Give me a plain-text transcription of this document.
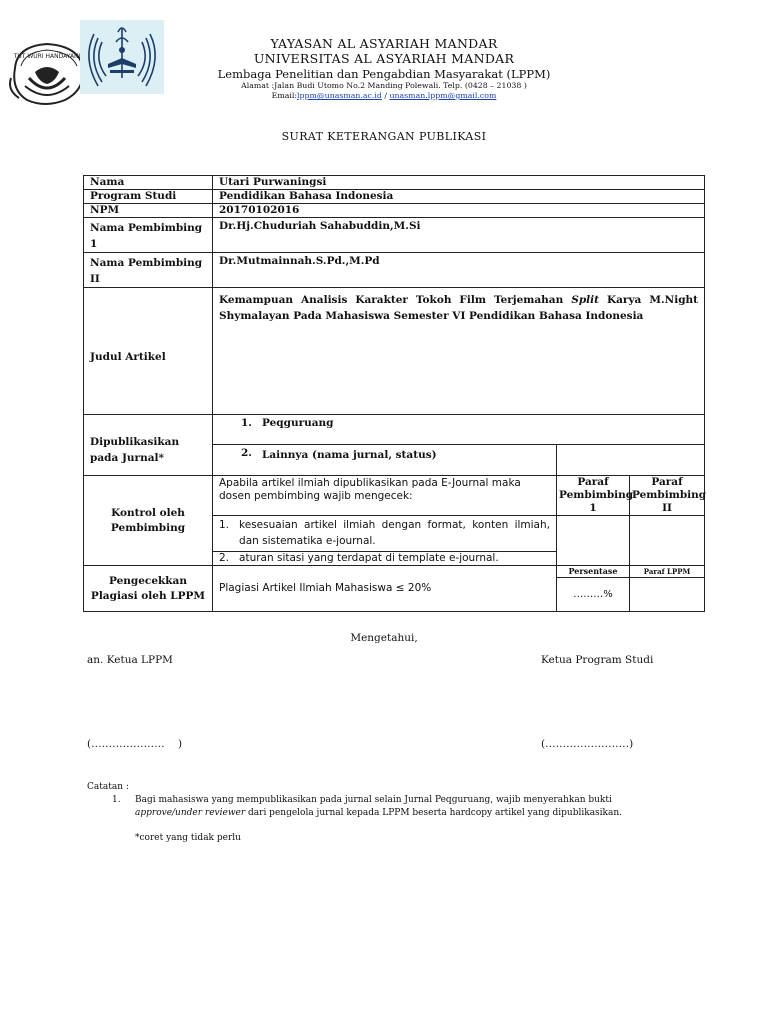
TUT WURI HANDAYANI
YAYASAN AL ASYARIAH MANDAR
UNIVERSITAS AL ASYARIAH MANDAR
Lembaga Penelitian dan Pengabdian Masyarakat (LPPM)
Alamat :Jalan Budi Utomo No.2 Manding Polewali. Telp. (0428 – 21038 )
Email:lppm@unasman.ac.id / unasman.lppm@gmail.com
SURAT KETERANGAN PUBLIKASI
Nama	Utari Purwaningsi		
Program Studi	Pendidikan Bahasa Indonesia		
NPM	20170102016		
Nama Pembimbing 1	Dr.Hj.Chuduriah Sahabuddin,M.Si		
Nama Pembimbing II	Dr.Mutmainnah.S.Pd.,M.Pd		
Judul Artikel	Kemampuan Analisis Karakter Tokoh Film Terjemahan Split Karya M.Night Shymalayan Pada Mahasiswa Semester VI Pendidikan Bahasa Indonesia		
Dipublikasikan pada Jurnal*	1. Peqguruang		

	2. Lainnya (nama jurnal, status)		

Kontrol oleh Pembimbing	Apabila artikel ilmiah dipublikasikan pada E-Journal maka dosen pembimbing wajib mengecek:	Paraf Pembimbing 1	Paraf Pembimbing II

	1. kesesuaian artikel ilmiah dengan format, konten ilmiah, dan sistematika e-journal.		

	2. aturan sitasi yang terdapat di template e-journal.		

Pengecekkan Plagiasi oleh LPPM	Plagiasi Artikel Ilmiah Mahasiswa ≤ 20%	Persentase	Paraf LPPM
		………%	
Mengetahui,
an. Ketua LPPM	Ketua Program Studi
(…………………    )	(……………………)
Catatan :
1. Bagi mahasiswa yang mempublikasikan pada jurnal selain Jurnal Peqguruang, wajib menyerahkan bukti
approve/under reviewer dari pengelola jurnal kepada LPPM beserta hardcopy artikel yang dipublikasikan.
*coret yang tidak perlu
